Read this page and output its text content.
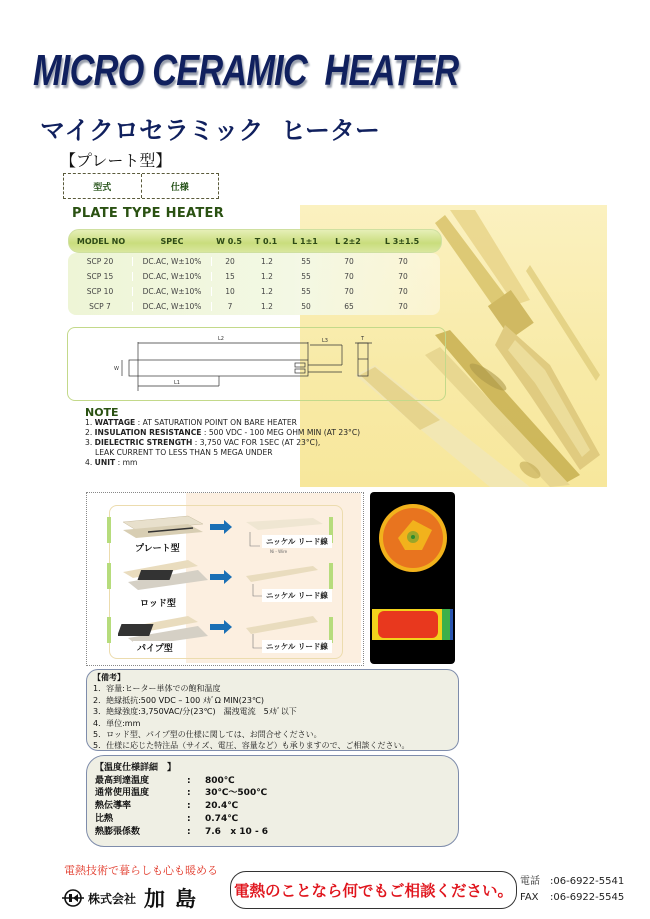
MICRO CERAMIC  HEATER
マイクロセラミック  ヒーター
【プレート型】
型式	仕様
PLATE TYPE HEATER
MODEL NO	SPEC	W 0.5	T 0.1	L 1±1	L 2±2	L 3±1.5
SCP 20	DC.AC, W±10%	20	1.2	55	70	70
SCP 15	DC.AC, W±10%	15	1.2	55	70	70
SCP 10	DC.AC, W±10%	10	1.2	55	70	70
SCP 7	DC.AC, W±10%	7	1.2	50	65	70
L2
L1
L3
W
T
NOTE
1. WATTAGE : AT SATURATION POINT ON BARE HEATER
2. INSULATION RESISTANCE : 500 VDC - 100 MEG OHM MIN (AT 23°C)
3. DIELECTRIC STRENGTH : 3,750 VAC FOR 1SEC (AT 23°C),
LEAK CURRENT TO LESS THAN 5 MEGA UNDER
4. UNIT : mm
プレート型
ロッド型
パイプ型
ニッケル リード線
Ni - Wire
ニッケル リード線
ニッケル リード線
【備考】
1．容量:ヒーター単体での飽和温度
2．絶縁抵抗:500 VDC – 100 ﾒｶﾞΩ MIN(23℃)
3．絶縁強度:3,750VAC/分(23℃)　漏洩電流　5ﾒｶﾞ以下
4．単位:mm
5．ロッド型、パイプ型の仕様に関しては、お問合せください。
5．仕様に応じた特注品（サイズ、電圧、容量など）も承りますので、ご相談ください。
【温度仕様詳細　】
最高到達温度	:	800℃
通常使用温度	:	30℃～500℃
熱伝導率	:	20.4℃
比熱	:	0.74℃
熱膨張係数	:	7.6   x 10 - 6
電熱技術で暮らしも心も暖める
株式会社 加島 電熱のことなら何でもご相談ください。
電話 :06-6922-5541
FAX :06-6922-5545
